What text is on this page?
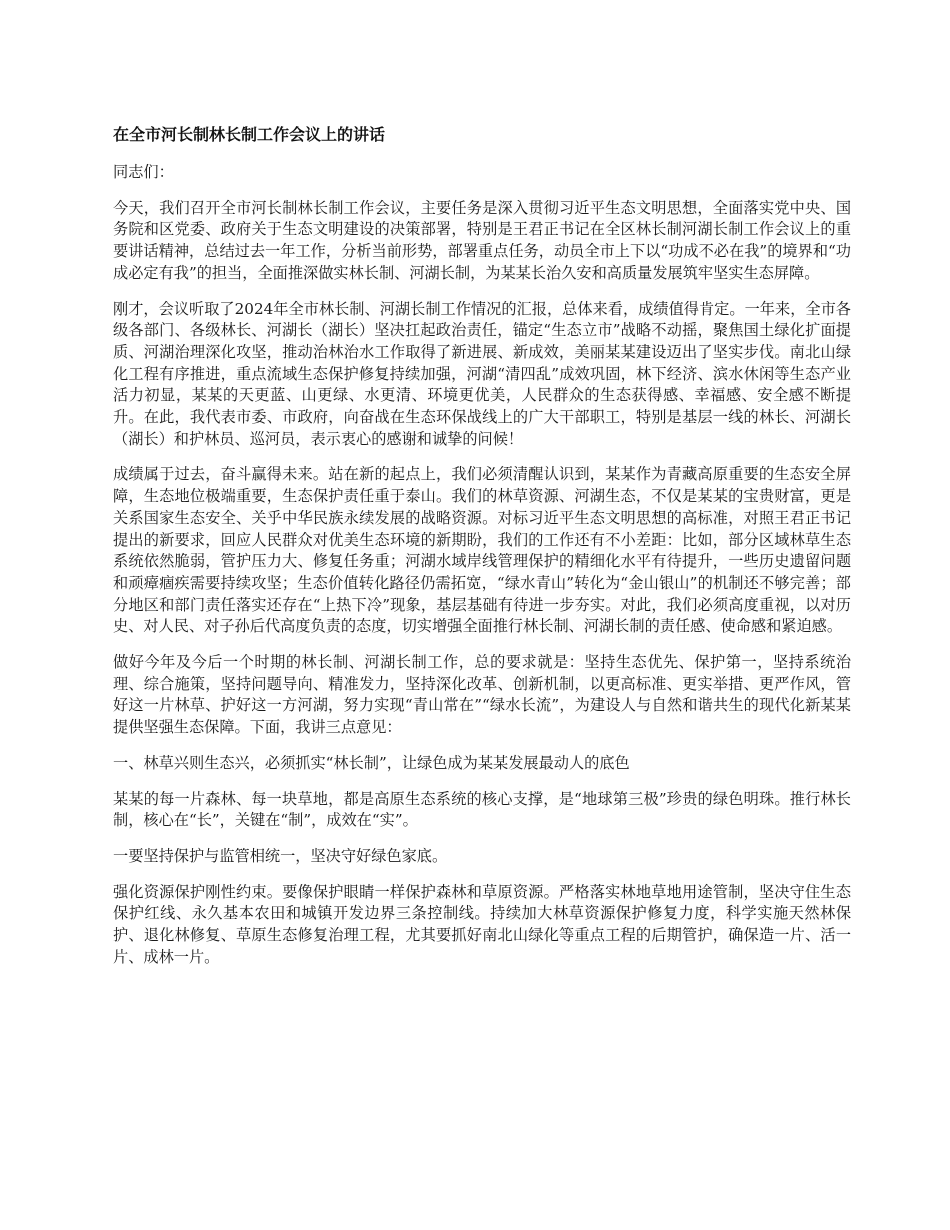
在全市河长制林长制工作会议上的讲话
同志们：
今天，我们召开全市河长制林长制工作会议，主要任务是深入贯彻习近平生态文明思想，全面落实党中央、国务院和区党委、政府关于生态文明建设的决策部署，特别是王君正书记在全区林长制河湖长制工作会议上的重要讲话精神，总结过去一年工作，分析当前形势，部署重点任务，动员全市上下以“功成不必在我”的境界和“功成必定有我”的担当，全面推深做实林长制、河湖长制，为某某长治久安和高质量发展筑牢坚实生态屏障。
刚才，会议听取了2024年全市林长制、河湖长制工作情况的汇报，总体来看，成绩值得肯定。一年来，全市各级各部门、各级林长、河湖长（湖长）坚决扛起政治责任，锚定“生态立市”战略不动摇，聚焦国土绿化扩面提质、河湖治理深化攻坚，推动治林治水工作取得了新进展、新成效，美丽某某建设迈出了坚实步伐。南北山绿化工程有序推进，重点流域生态保护修复持续加强，河湖“清四乱”成效巩固，林下经济、滨水休闲等生态产业活力初显，某某的天更蓝、山更绿、水更清、环境更优美，人民群众的生态获得感、幸福感、安全感不断提升。在此，我代表市委、市政府，向奋战在生态环保战线上的广大干部职工，特别是基层一线的林长、河湖长（湖长）和护林员、巡河员，表示衷心的感谢和诚挚的问候！
成绩属于过去，奋斗赢得未来。站在新的起点上，我们必须清醒认识到，某某作为青藏高原重要的生态安全屏障，生态地位极端重要，生态保护责任重于泰山。我们的林草资源、河湖生态，不仅是某某的宝贵财富，更是关系国家生态安全、关乎中华民族永续发展的战略资源。对标习近平生态文明思想的高标准，对照王君正书记提出的新要求，回应人民群众对优美生态环境的新期盼，我们的工作还有不小差距：比如，部分区域林草生态系统依然脆弱，管护压力大、修复任务重；河湖水域岸线管理保护的精细化水平有待提升，一些历史遗留问题和顽瘴痼疾需要持续攻坚；生态价值转化路径仍需拓宽，“绿水青山”转化为“金山银山”的机制还不够完善；部分地区和部门责任落实还存在“上热下冷”现象，基层基础有待进一步夯实。对此，我们必须高度重视，以对历史、对人民、对子孙后代高度负责的态度，切实增强全面推行林长制、河湖长制的责任感、使命感和紧迫感。
做好今年及今后一个时期的林长制、河湖长制工作，总的要求就是：坚持生态优先、保护第一，坚持系统治理、综合施策，坚持问题导向、精准发力，坚持深化改革、创新机制，以更高标准、更实举措、更严作风，管好这一片林草、护好这一方河湖，努力实现“青山常在”“绿水长流”，为建设人与自然和谐共生的现代化新某某提供坚强生态保障。下面，我讲三点意见：
一、林草兴则生态兴，必须抓实“林长制”，让绿色成为某某发展最动人的底色
某某的每一片森林、每一块草地，都是高原生态系统的核心支撑，是“地球第三极”珍贵的绿色明珠。推行林长制，核心在“长”，关键在“制”，成效在“实”。
一要坚持保护与监管相统一，坚决守好绿色家底。
强化资源保护刚性约束。要像保护眼睛一样保护森林和草原资源。严格落实林地草地用途管制，坚决守住生态保护红线、永久基本农田和城镇开发边界三条控制线。持续加大林草资源保护修复力度，科学实施天然林保护、退化林修复、草原生态修复治理工程，尤其要抓好南北山绿化等重点工程的后期管护，确保造一片、活一片、成林一片。
